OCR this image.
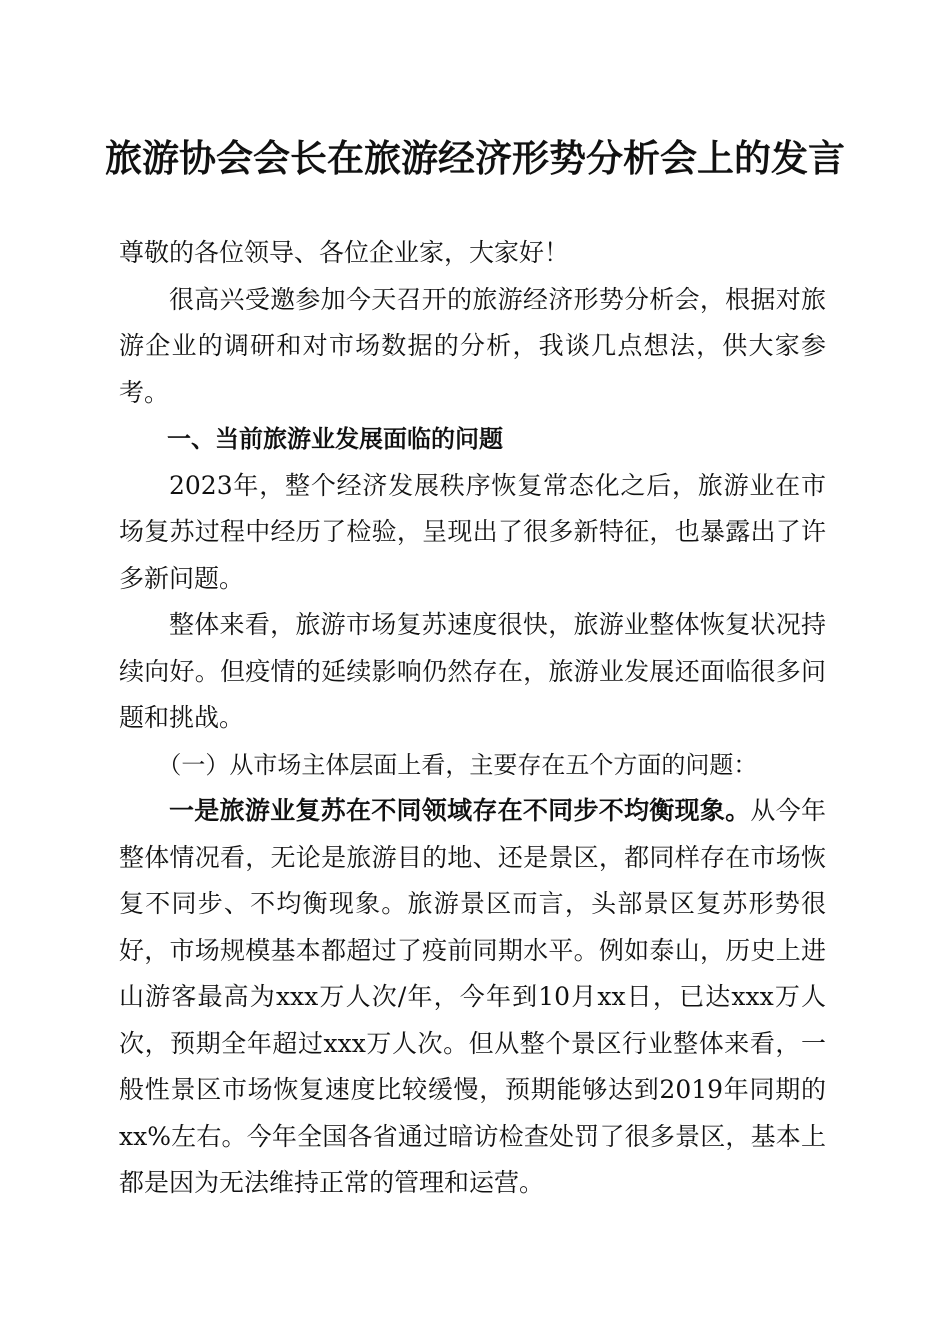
旅游协会会长在旅游经济形势分析会上的发言

尊敬的各位领导、各位企业家，大家好！

很高兴受邀参加今天召开的旅游经济形势分析会，根据对旅游企业的调研和对市场数据的分析，我谈几点想法，供大家参考。

一、当前旅游业发展面临的问题

2023年，整个经济发展秩序恢复常态化之后，旅游业在市场复苏过程中经历了检验，呈现出了很多新特征，也暴露出了许多新问题。

整体来看，旅游市场复苏速度很快，旅游业整体恢复状况持续向好。但疫情的延续影响仍然存在，旅游业发展还面临很多问题和挑战。

（一）从市场主体层面上看，主要存在五个方面的问题：

一是旅游业复苏在不同领域存在不同步不均衡现象。从今年整体情况看，无论是旅游目的地、还是景区，都同样存在市场恢复不同步、不均衡现象。旅游景区而言，头部景区复苏形势很好，市场规模基本都超过了疫前同期水平。例如泰山，历史上进山游客最高为xxx万人次/年，今年到10月xx日，已达xxx万人次，预期全年超过xxx万人次。但从整个景区行业整体来看，一般性景区市场恢复速度比较缓慢，预期能够达到2019年同期的xx%左右。今年全国各省通过暗访检查处罚了很多景区，基本上都是因为无法维持正常的管理和运营。
